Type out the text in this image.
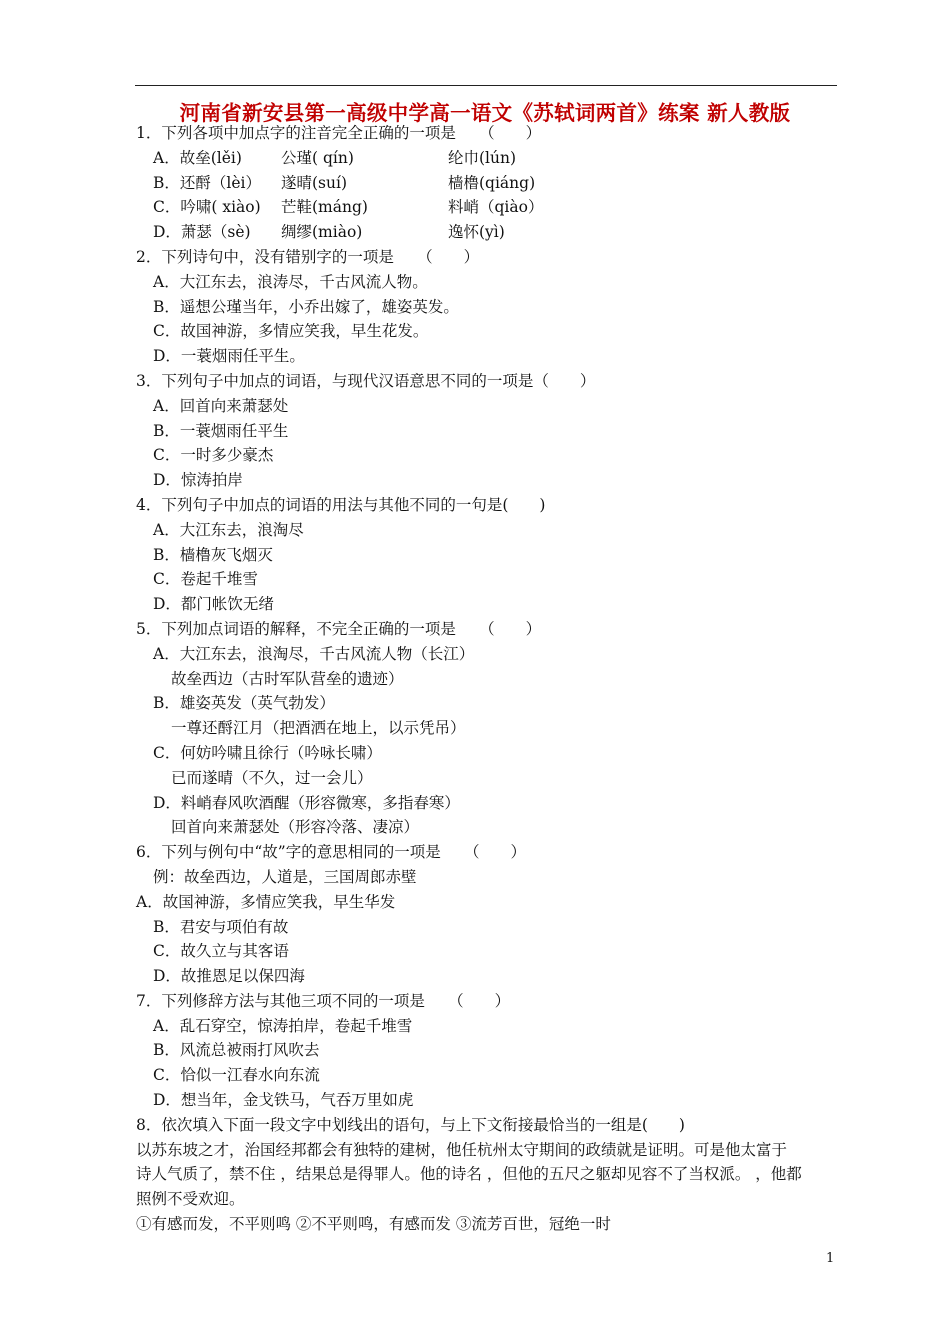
河南省新安县第一高级中学高一语文《苏轼词两首》练案 新人教版
1．下列各项中加点字的注音完全正确的一项是　　（　　）
A．故垒(lěi)	公瑾( qín)	纶巾(lún)
B．还酹（lèi） 遂晴(suí)	樯橹(qiáng)
C．吟啸( xiào) 芒鞋(máng)	料峭（qiào）
D．萧瑟（sè) 绸缪(miào)	逸怀(yì)
2．下列诗句中，没有错别字的一项是　　（　　）
A．大江东去，浪涛尽，千古风流人物。
B．遥想公瑾当年，小乔出嫁了，雄姿英发。
C．故国神游，多情应笑我，早生花发。
D．一蓑烟雨任平生。
3．下列句子中加点的词语，与现代汉语意思不同的一项是（　　）
A．回首向来萧瑟处
B．一蓑烟雨任平生
C．一时多少豪杰
D．惊涛拍岸
4．下列句子中加点的词语的用法与其他不同的一句是(　　)
A．大江东去，浪淘尽
B．樯橹灰飞烟灭
C．卷起千堆雪
D．都门帐饮无绪
5．下列加点词语的解释，不完全正确的一项是　　（　　）
A．大江东去，浪淘尽，千古风流人物（长江）
故垒西边（古时军队营垒的遗迹）
B．雄姿英发（英气勃发）
一尊还酹江月（把酒洒在地上，以示凭吊）
C．何妨吟啸且徐行（吟咏长啸）
已而遂晴（不久，过一会儿）
D．料峭春风吹酒醒（形容微寒，多指春寒）
回首向来萧瑟处（形容冷落、凄凉）
6．下列与例句中“故”字的意思相同的一项是　　（　　）
例：故垒西边，人道是，三国周郎赤壁
A．故国神游，多情应笑我，早生华发
B．君安与项伯有故
C．故久立与其客语
D．故推恩足以保四海
7．下列修辞方法与其他三项不同的一项是　　（　　）
A．乱石穿空，惊涛拍岸，卷起千堆雪
B．风流总被雨打风吹去
C．恰似一江春水向东流
D．想当年，金戈铁马，气吞万里如虎
8．依次填入下面一段文字中划线出的语句，与上下文衔接最恰当的一组是(　　)
以苏东坡之才，治国经邦都会有独特的建树，他任杭州太守期间的政绩就是证明。可是他太富于
诗人气质了，禁不住 ，结果总是得罪人。他的诗名 ，但他的五尺之躯却见容不了当权派。 ，他都
照例不受欢迎。
①有感而发，不平则鸣 ②不平则鸣，有感而发 ③流芳百世，冠绝一时
1
